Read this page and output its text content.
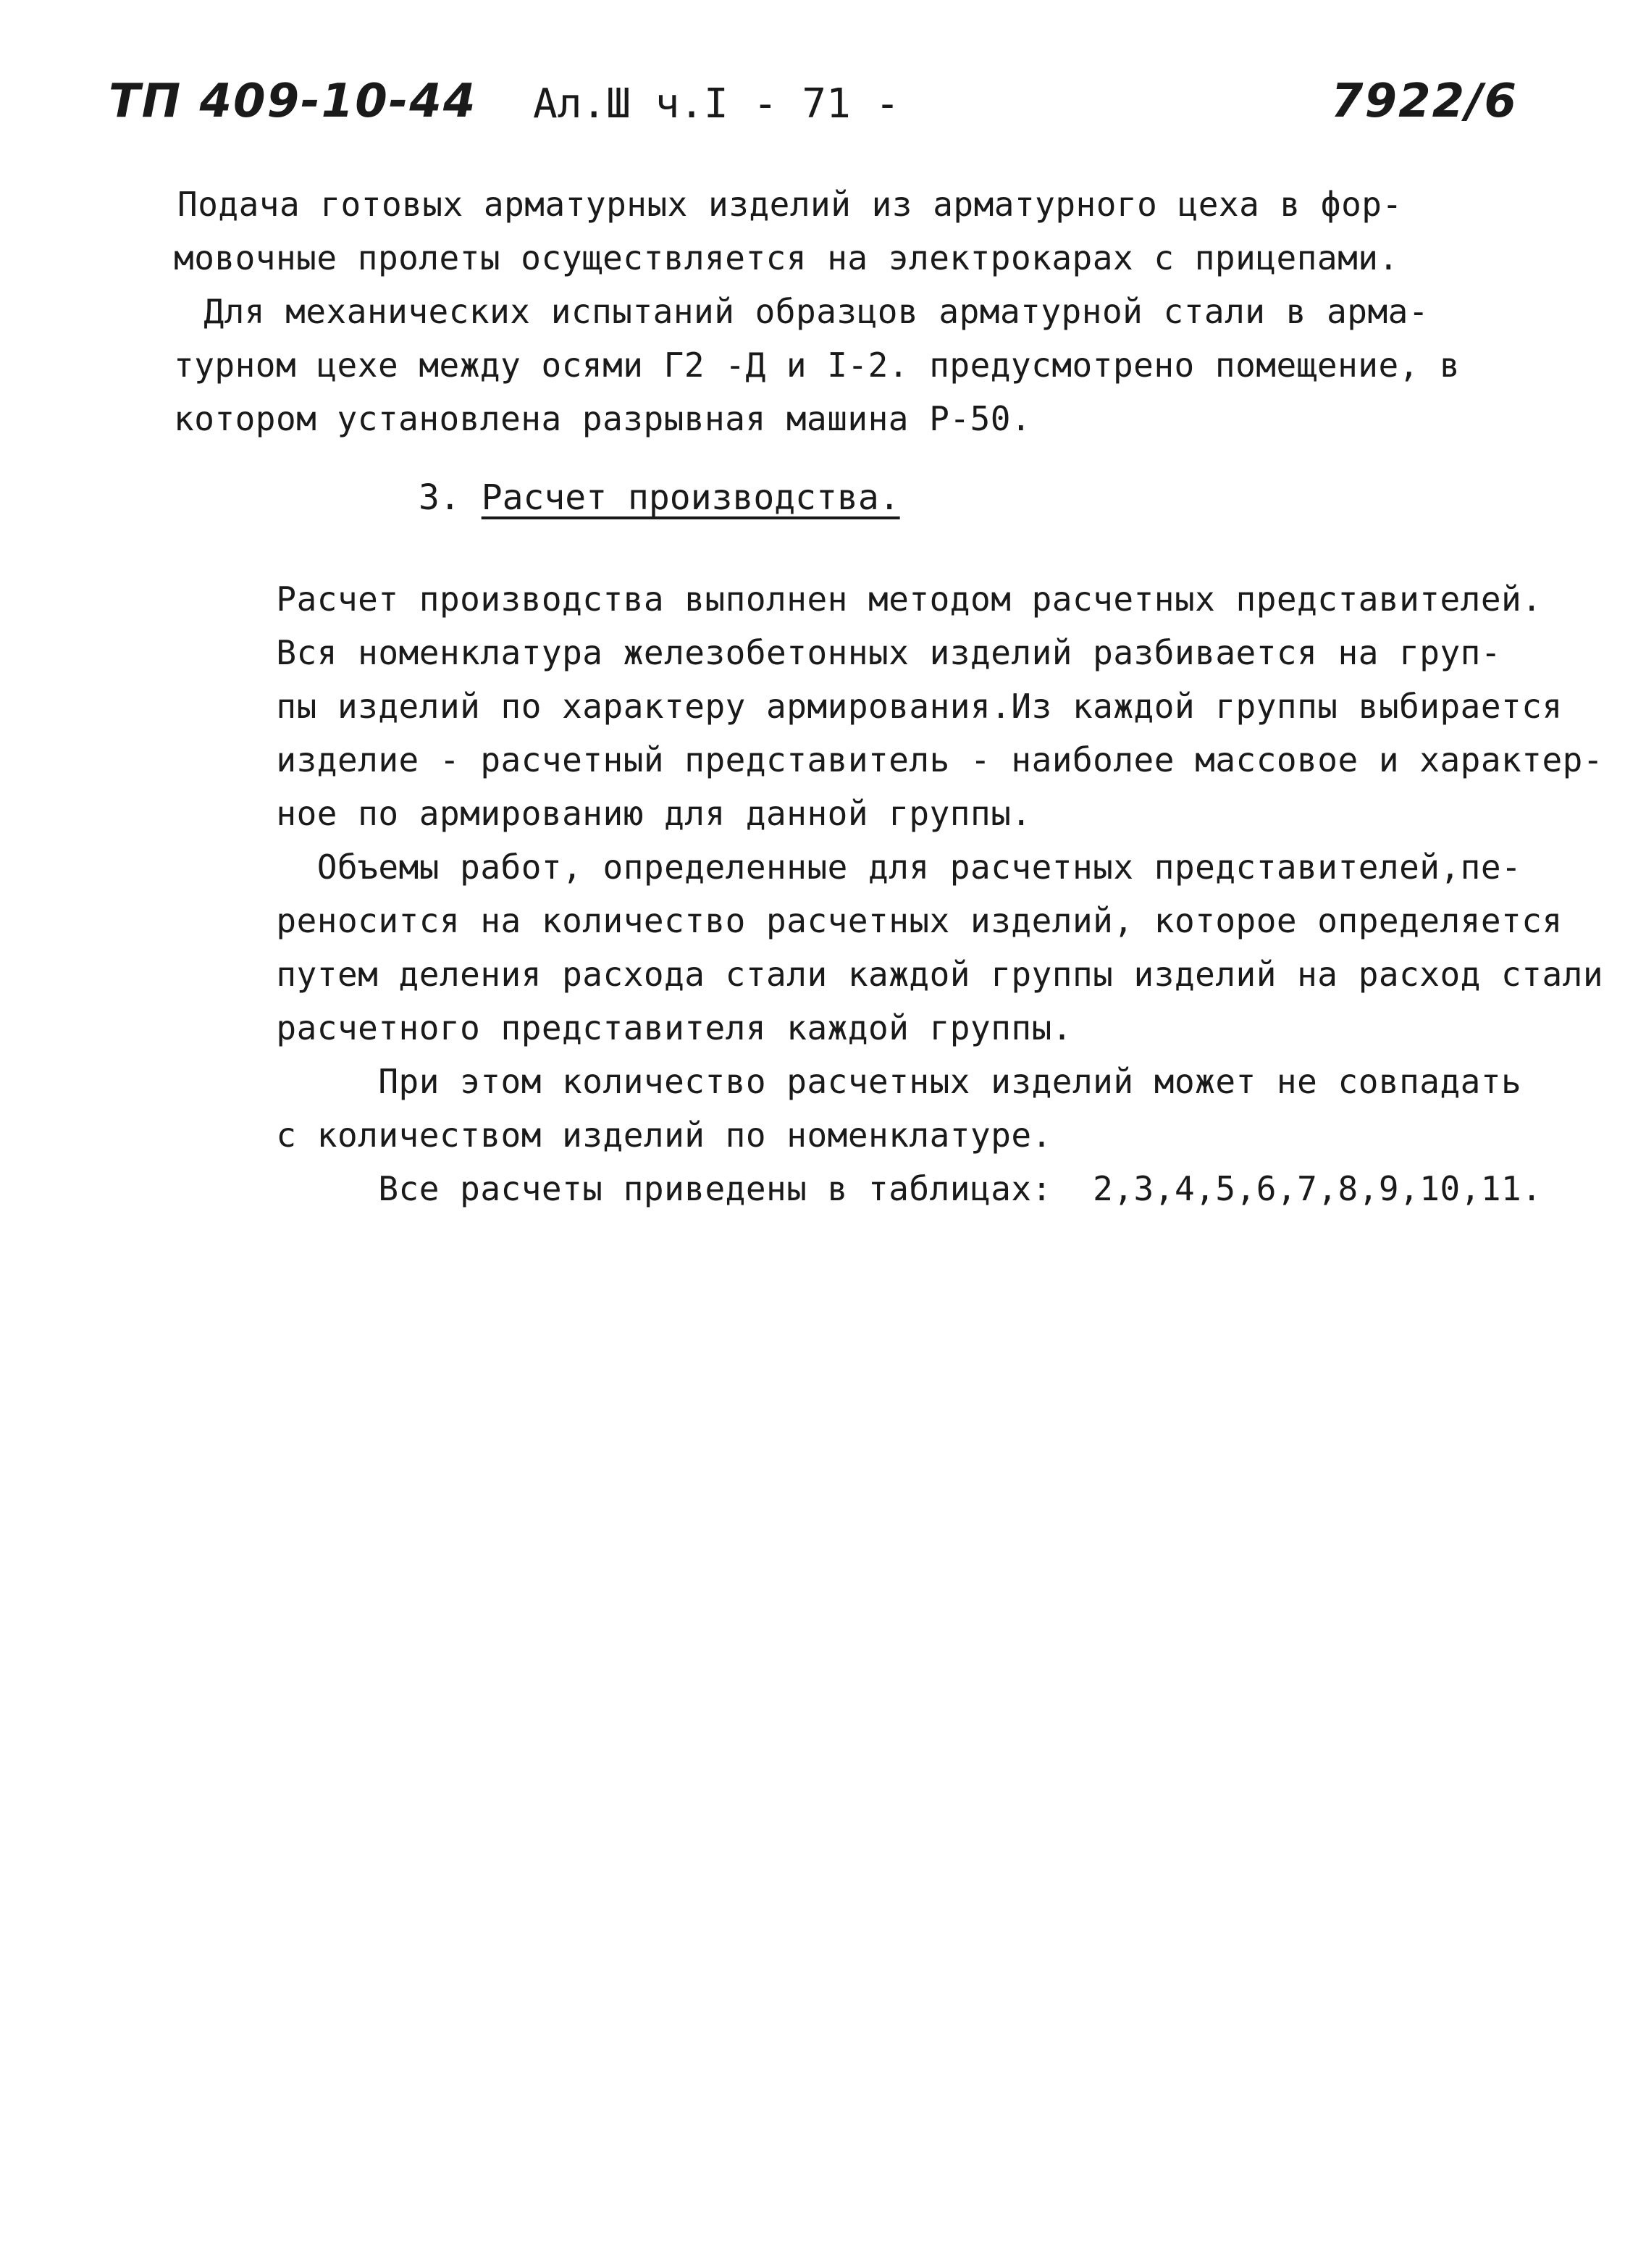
ТП 409-10-44 Ал.Ш ч.I - 71 -	7922/6
Подача готовых арматурных изделий из арматурного цеха в фор-
мовочные пролеты осуществляется на электрокарах с прицепами.
Для механических испытаний образцов арматурной стали в арма-
турном цехе между осями Г2 -Д и I-2. предусмотрено помещение, в
котором установлена разрывная машина Р-50.
3. Расчет производства.
Расчет производства выполнен методом расчетных представителей.
Вся номенклатура железобетонных изделий разбивается на груп-
пы изделий по характеру армирования.Из каждой группы выбирается
изделие - расчетный представитель - наиболее массовое и характер-
ное по армированию для данной группы.
Объемы работ, определенные для расчетных представителей,пе-
реносится на количество расчетных изделий, которое определяется
путем деления расхода стали каждой группы изделий на расход стали
расчетного представителя каждой группы.
При этом количество расчетных изделий может не совпадать
с количеством изделий по номенклатуре.
Все расчеты приведены в таблицах:  2,3,4,5,6,7,8,9,10,11.
